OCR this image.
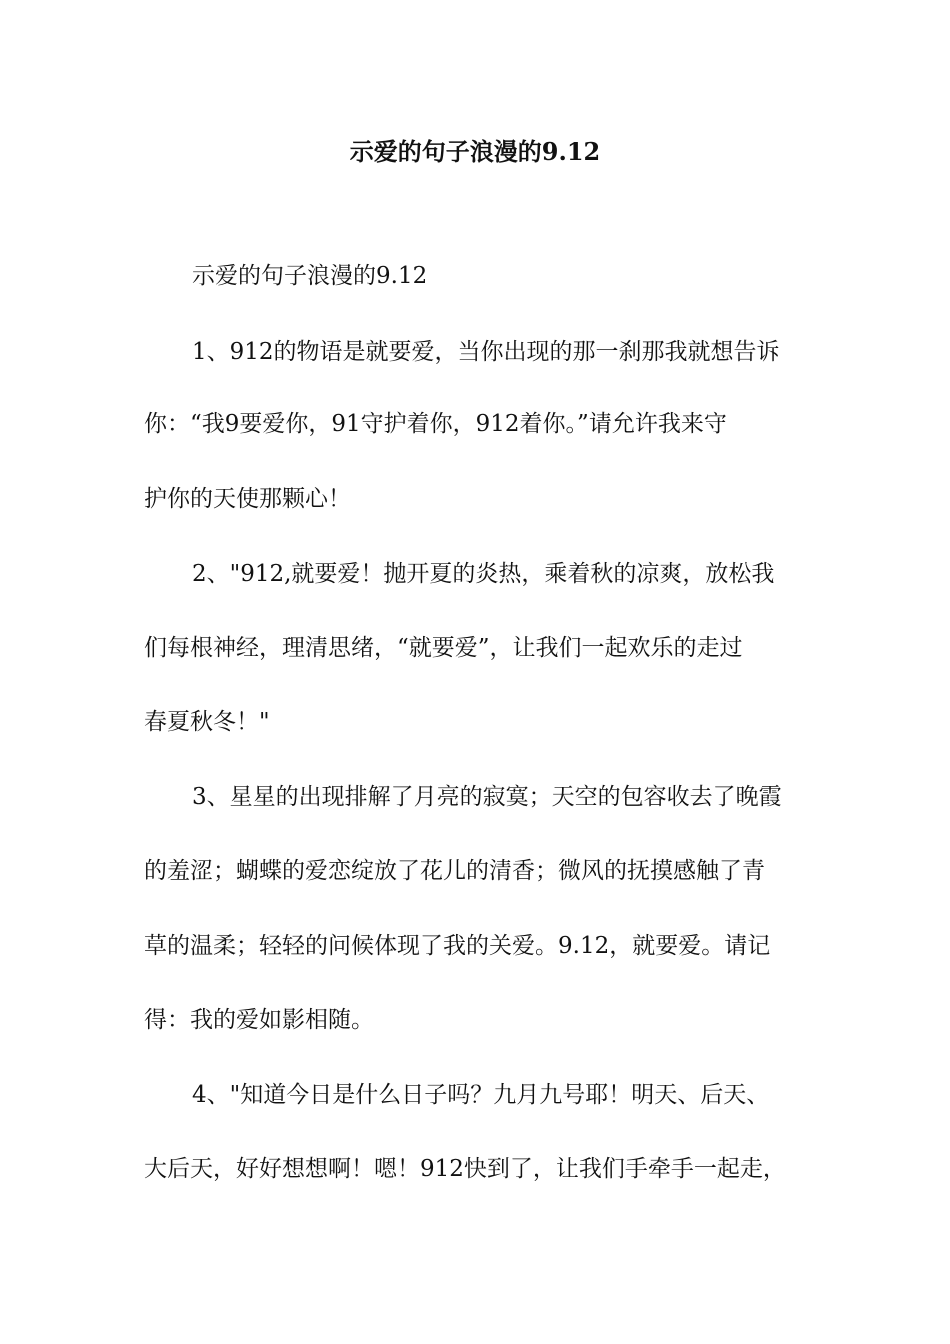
示爱的句子浪漫的9.12
示爱的句子浪漫的9.12
1、912的物语是就要爱，当你出现的那一刹那我就想告诉
你：“我9要爱你，91守护着你，912着你。”请允许我来守
护你的天使那颗心！
2、"912,就要爱！抛开夏的炎热，乘着秋的凉爽，放松我
们每根神经，理清思绪，“就要爱”，让我们一起欢乐的走过
春夏秋冬！"
3、星星的出现排解了月亮的寂寞；天空的包容收去了晚霞
的羞涩；蝴蝶的爱恋绽放了花儿的清香；微风的抚摸感触了青
草的温柔；轻轻的问候体现了我的关爱。9.12，就要爱。请记
得：我的爱如影相随。
4、"知道今日是什么日子吗？九月九号耶！明天、后天、
大后天，好好想想啊！嗯！912快到了，让我们手牵手一起走，
